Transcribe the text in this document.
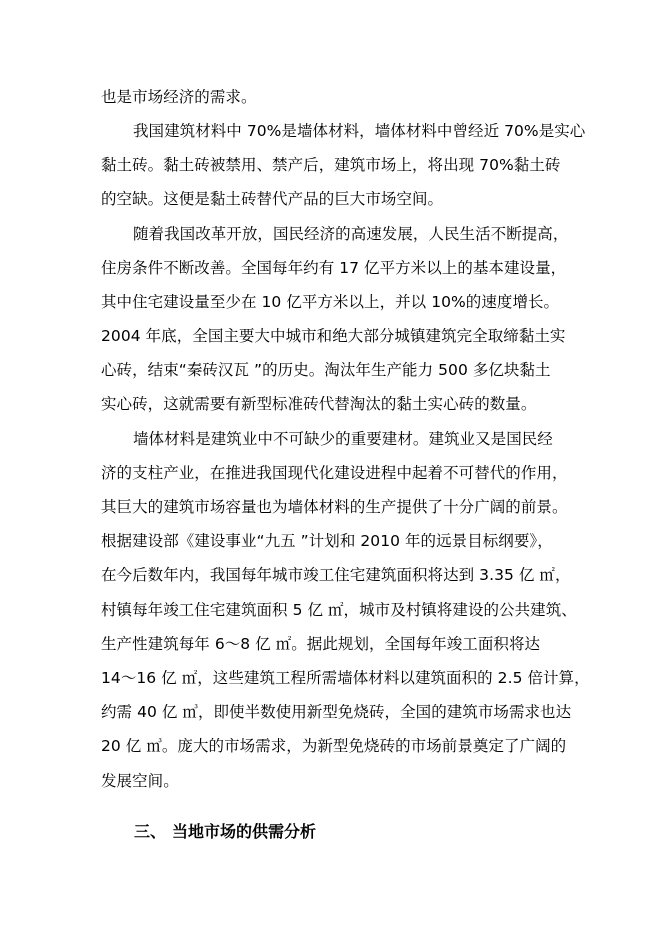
也是市场经济的需求。
我国建筑材料中 70%是墙体材料，墙体材料中曾经近 70%是实心
黏土砖。黏土砖被禁用、禁产后，建筑市场上，将出现 70%黏土砖
的空缺。这便是黏土砖替代产品的巨大市场空间。
随着我国改革开放，国民经济的高速发展，人民生活不断提高，
住房条件不断改善。全国每年约有 17 亿平方米以上的基本建设量，
其中住宅建设量至少在 10 亿平方米以上，并以 10%的速度增长。
2004 年底，全国主要大中城市和绝大部分城镇建筑完全取缔黏土实
心砖，结束“秦砖汉瓦 ”的历史。淘汰年生产能力 500 多亿块黏土
实心砖，这就需要有新型标准砖代替淘汰的黏土实心砖的数量。
墙体材料是建筑业中不可缺少的重要建材。建筑业又是国民经
济的支柱产业，在推进我国现代化建设进程中起着不可替代的作用，
其巨大的建筑市场容量也为墙体材料的生产提供了十分广阔的前景。
根据建设部《建设事业“九五 ”计划和 2010 年的远景目标纲要》，
在今后数年内，我国每年城市竣工住宅建筑面积将达到 3.35 亿 ㎡，
村镇每年竣工住宅建筑面积 5 亿 ㎡，城市及村镇将建设的公共建筑、
生产性建筑每年 6～8 亿 ㎡。据此规划，全国每年竣工面积将达
14～16 亿 ㎡，这些建筑工程所需墙体材料以建筑面积的 2.5 倍计算，
约需 40 亿 ㎥，即使半数使用新型免烧砖，全国的建筑市场需求也达
20 亿 ㎥。庞大的市场需求，为新型免烧砖的市场前景奠定了广阔的
发展空间。
三、 当地市场的供需分析
